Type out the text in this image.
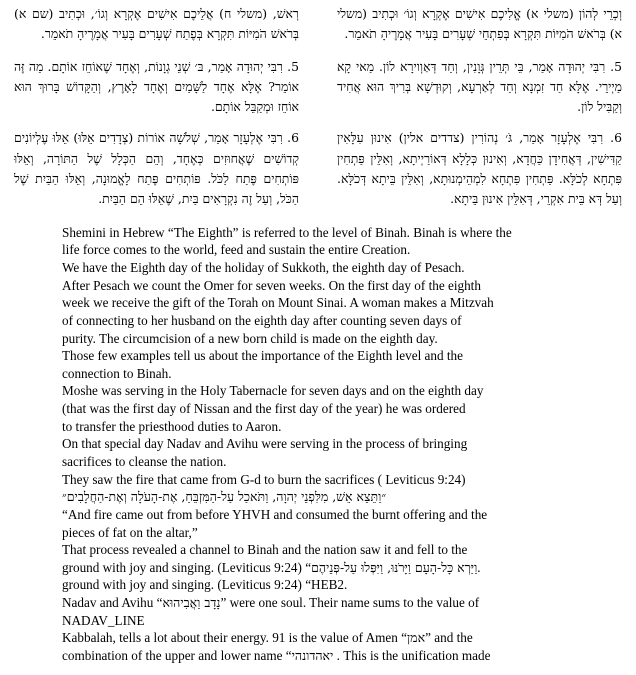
וְכְרֵי לְהוֹן (משלי א) אֱלִיכֶם אִישִׁים אֶקְרָא וְגוֹ׳ וּכְתִיב (משלי א) בְּרֹאשׁ הֹמִיּוֹת תִּקְרָא בְּפִתְחֵי שְׁעָרִים בָּעִיר אֲמָרֶיהָ תֹאמֵר.

5. רִבִּי יְהוּדָה אָמַר, בֵּי תְּרֵין גְּוָנִין, וְחַד דְּאַוְוירָא לוֹן. מַאי קָא מַיְירֵי. אֶלָּא חַד זִמְנָא וְחַד לְאַרְעָא, וְקוּדְשָׁא בְּרִיךְ הוּא אֲחִיד וְקַבִּיל לוֹן.

6. רִבִּי אֶלְעָזָר אָמַר, גֹּ׳ נְהוֹרִין (צדדים אלין) אִינוּן עִלָּאִין קַדִּישִׁין, דְּאֲחִידָן כַּחֲדָא, וְאִינוּן כְּלָלָא דְּאוֹרַיְיתָא, וְאִלֵּין פַּתְחִין פִּתְחָא לְכֹלָּא. פַּתְחִין פִּתְחָא לִמְהֵימְנוּתָא, וְאִלֵּין בֵּיתָא דְּכֹלָּא. וְעַל דְּא בֵּית אִקְרֵי, דְּאִלֵּין אִינוּן בֵּיתָא.

רְאשׁ, (משלי ח) אֲלֵיכֶם אִישִׁים אֶקְרָא וְגוֹ׳, וּכְתִיב (שם א) בְּרֹאשׁ הֹמִיּוֹת תִּקְרָא בְּפֶתַח שְׁעָרִים בָּעִיר אֲמָרֶיהָ תֹאמֵר.

5. רִבִּי יְהוּדָה אָמַר, בּ׳ שְׁנֵי גְוָנוֹת, וְאֶחָד שֶׁאוֹחֵז אוֹתָם. מַה זֶּה אוֹמֵר? אֶלָּא אֶחָד לַשָּׁמַיִם וְאֶחָד לָאָרֶץ, וְהַקָּדוֹשׁ בָּרוּךְ הוּא אוֹחֵז וּמְקַבֵּל אוֹתָם.

6. רִבִּי אֶלְעָזָר אָמַר, שְׁלֹשָׁה אוֹרוֹת (צְדָדִים אֵלּוּ) אֵלּוּ עֶלְיוֹנִים קְדוֹשִׁים שֶׁאֲחוּזִים כְּאֶחָד, וְהֵם הַכְּלָל שֶׁל הַתּוֹרָה, וְאֵלּוּ פּוֹתְחִים פֶּתַח לַכֹּל. פּוֹתְחִים פֶּתַח לָאֱמוּנָה, וְאֵלּוּ הַבַּיִת שֶׁל הַכֹּל, וְעַל זֶה נִקְרָאִים בַּיִת, שֶׁאֵלּוּ הֵם הַבַּיִת.

Shemini in Hebrew “The Eighth” is referred to the level of Binah. Binah is where the

life force comes to the world, feed and sustain the entire Creation.

We have the Eighth day of the holiday of Sukkoth, the eighth day of Pesach.

After Pesach we count the Omer for seven weeks. On the first day of the eighth

week we receive the gift of the Torah on Mount Sinai. A woman makes a Mitzvah

of connecting to her husband on the eighth day after counting seven days of

purity. The circumcision of a new born child is made on the eighth day.

Those few examples tell us about the importance of the Eighth level and the

connection to Binah.

Moshe was serving in the Holy Tabernacle for seven days and on the eighth day

(that was the first day of Nissan and the first day of the year) he was ordered

to transfer the priesthood duties to Aaron.

On that special day Nadav and Avihu were serving in the process of bringing

sacrifices to cleanse the nation.

They saw the fire that came from G-d to burn the sacrifices ( Leviticus 9:24)

״וַתֵּצֵא אֵשׁ, מִלִּפְנֵי יְהוָה, וַתֹּאכַל עַל-הַמִּזְבֵּחַ, אֶת-הָעֹלָה וְאֶת-הַחֲלָבִים״

“And fire came out from before YHVH and consumed the burnt offering and the

pieces of fat on the altar,”

That process revealed a channel to Binah and the nation saw it and fell to the

ground with joy and singing. (Leviticus 9:24) “וַיַּרְא כָּל-הָעָם וַיָּרֹנּוּ, וַיִּפְּלוּ עַל-פְּנֵיהֶם.

ground with joy and singing. (Leviticus 9:24) “HEB2.

Nadav and Avihu “נָדָב וַאֲבִיהוּא” were one soul. Their name sums to the value of

NADAV_LINE

Kabbalah, tells a lot about their energy. 91 is the value of Amen “אמן” and the

combination of the upper and lower name “יאהדונהי . This is the unification made
